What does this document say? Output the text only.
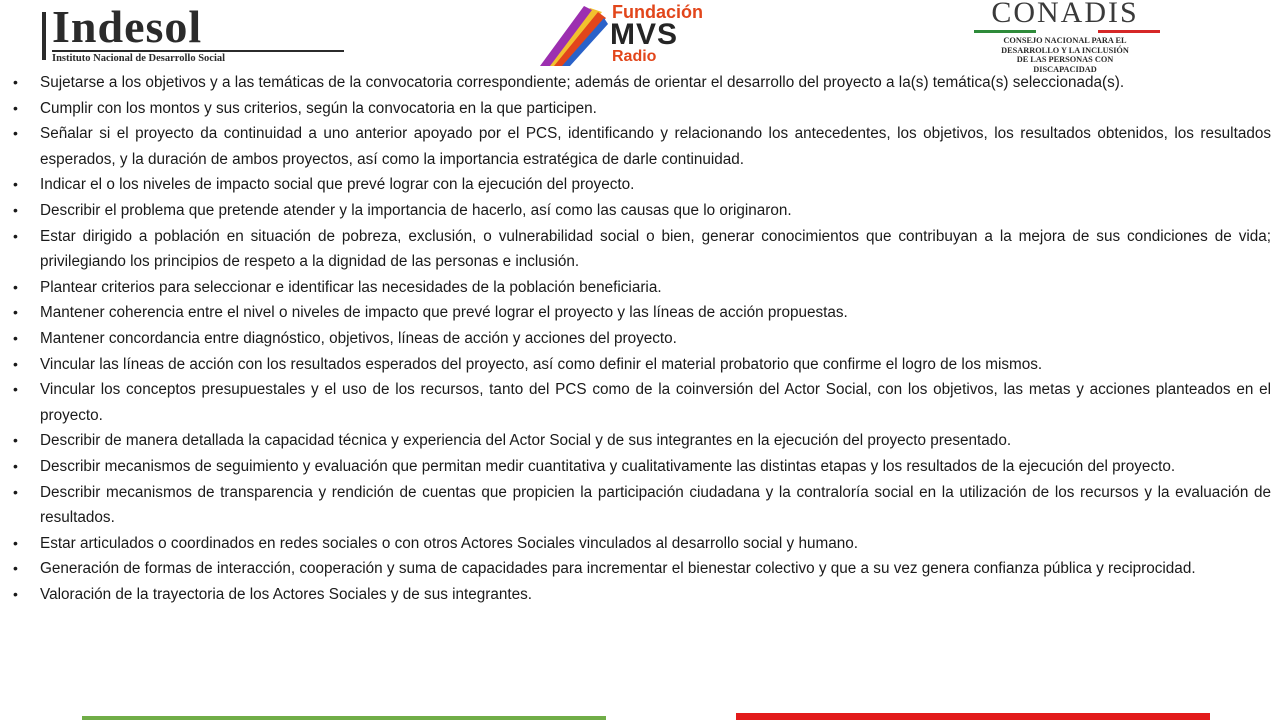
Indesol
Instituto Nacional de Desarrollo Social
Fundación
MVS
Radio
CONADIS
CONSEJO NACIONAL PARA EL
DESARROLLO Y LA INCLUSIÓN
DE LAS PERSONAS CON
DISCAPACIDAD
• Sujetarse a los objetivos y a las temáticas de la convocatoria correspondiente; además de orientar el desarrollo del proyecto a la(s) temática(s) seleccionada(s).
• Cumplir con los montos y sus criterios, según la convocatoria en la que participen.
• Señalar si el proyecto da continuidad a uno anterior apoyado por el PCS, identificando y relacionando los antecedentes, los objetivos, los resultados obtenidos, los resultados esperados, y la duración de ambos proyectos, así como la importancia estratégica de darle continuidad.
• Indicar el o los niveles de impacto social que prevé lograr con la ejecución del proyecto.
• Describir el problema que pretende atender y la importancia de hacerlo, así como las causas que lo originaron.
• Estar dirigido a población en situación de pobreza, exclusión, o vulnerabilidad social o bien, generar conocimientos que contribuyan a la mejora de sus condiciones de vida; privilegiando los principios de respeto a la dignidad de las personas e inclusión.
• Plantear criterios para seleccionar e identificar las necesidades de la población beneficiaria.
• Mantener coherencia entre el nivel o niveles de impacto que prevé lograr el proyecto y las líneas de acción propuestas.
• Mantener concordancia entre diagnóstico, objetivos, líneas de acción y acciones del proyecto.
• Vincular las líneas de acción con los resultados esperados del proyecto, así como definir el material probatorio que confirme el logro de los mismos.
• Vincular los conceptos presupuestales y el uso de los recursos, tanto del PCS como de la coinversión del Actor Social, con los objetivos, las metas y acciones planteados en el proyecto.
• Describir de manera detallada la capacidad técnica y experiencia del Actor Social y de sus integrantes en la ejecución del proyecto presentado.
• Describir mecanismos de seguimiento y evaluación que permitan medir cuantitativa y cualitativamente las distintas etapas y los resultados de la ejecución del proyecto.
• Describir mecanismos de transparencia y rendición de cuentas que propicien la participación ciudadana y la contraloría social en la utilización de los recursos y la evaluación de resultados.
• Estar articulados o coordinados en redes sociales o con otros Actores Sociales vinculados al desarrollo social y humano.
• Generación de formas de interacción, cooperación y suma de capacidades para incrementar el bienestar colectivo y que a su vez genera confianza pública y reciprocidad.
• Valoración de la trayectoria de los Actores Sociales y de sus integrantes.
